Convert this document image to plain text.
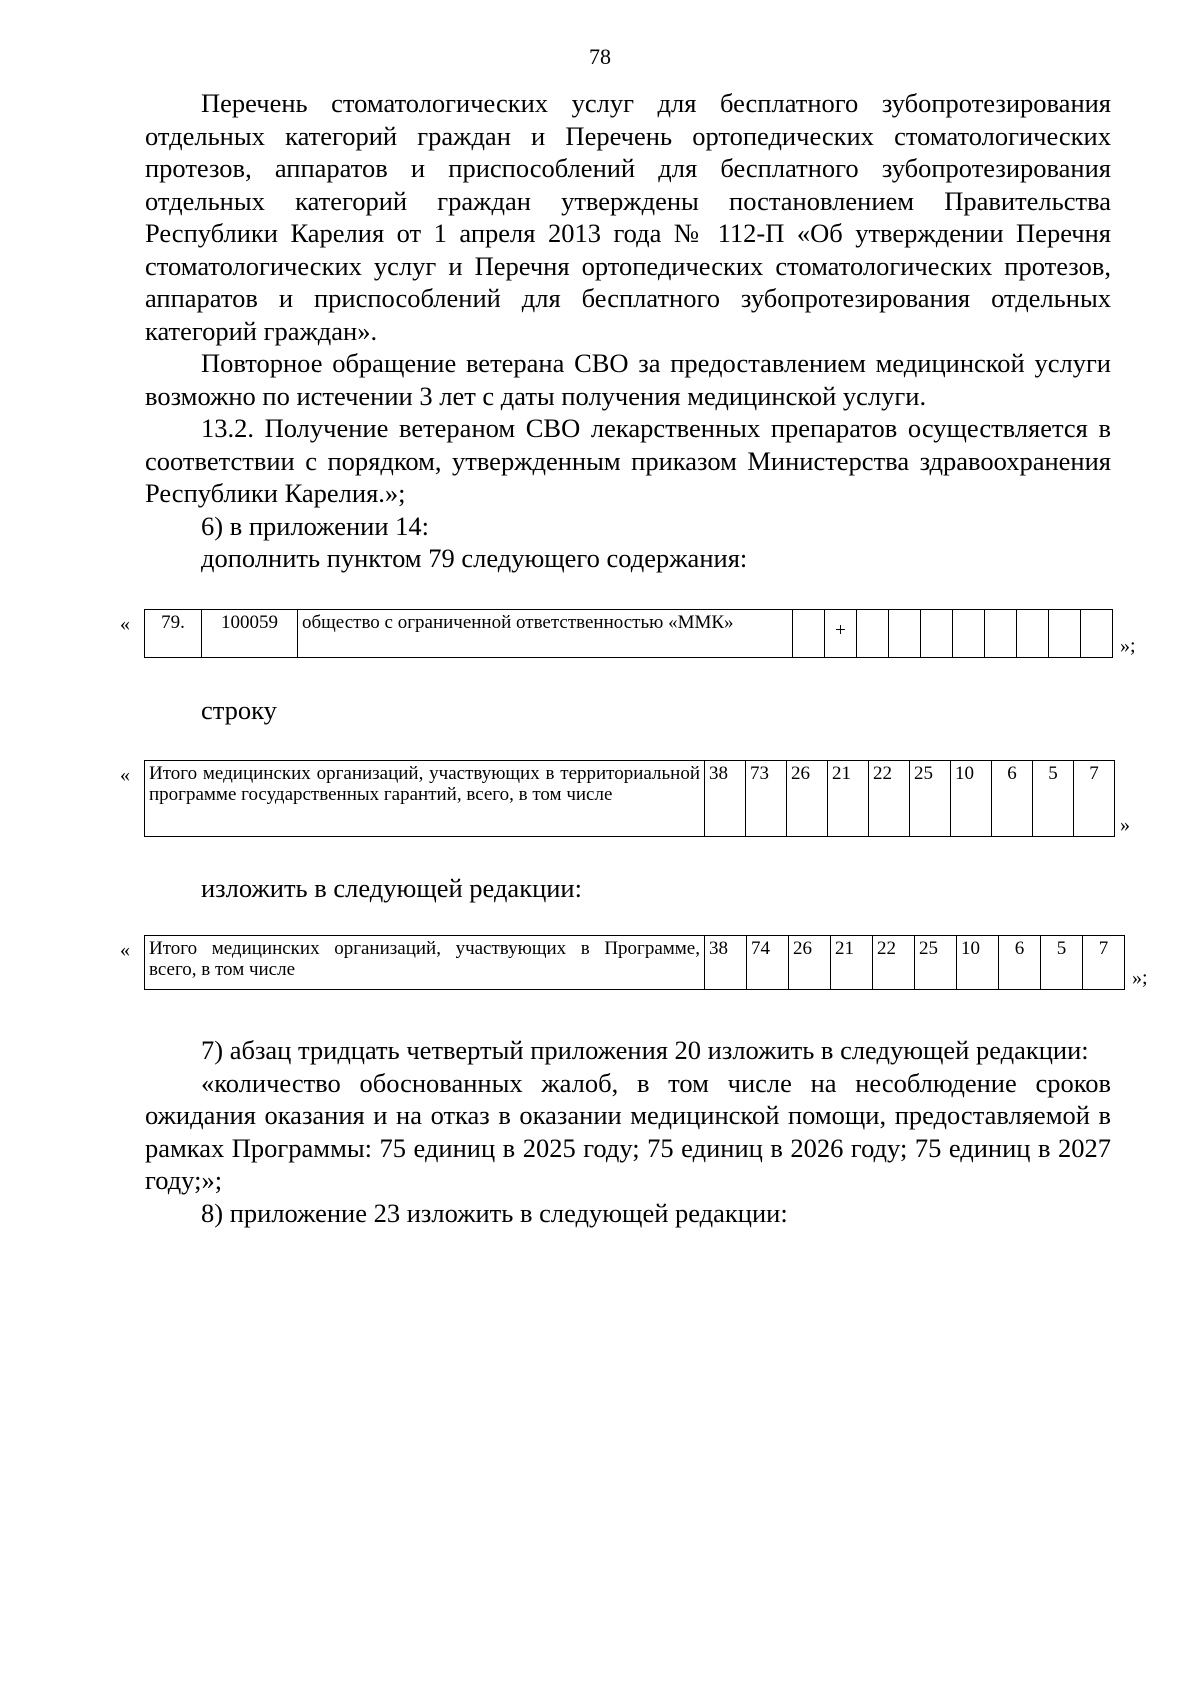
78

Перечень стоматологических услуг для бесплатного зубопротезирования отдельных категорий граждан и Перечень ортопедических стоматологических протезов, аппаратов и приспособлений для бесплатного зубопротезирования отдельных категорий граждан утверждены постановлением Правительства Республики Карелия от 1 апреля 2013 года № 112-П «Об утверждении Перечня стоматологических услуг и Перечня ортопедических стоматологических протезов, аппаратов и приспособлений для бесплатного зубопротезирования отдельных категорий граждан».

Повторное обращение ветерана СВО за предоставлением медицинской услуги возможно по истечении 3 лет с даты получения медицинской услуги.

13.2. Получение ветераном СВО лекарственных препаратов осуществляется в соответствии с порядком, утвержденным приказом Министерства здравоохранения Республики Карелия.»;

6) в приложении 14:

дополнить пунктом 79 следующего содержания:

« 79.	100059	общество с ограниченной ответственностью «ММК»		+								
»;

строку

« Итого медицинских организаций, участвующих в территориальной программе государственных гарантий, всего, в том числе	38	73	26	21	22	25	10	6	5	7
»

изложить в следующей редакции:

« Итого медицинских организаций, участвующих в Программе, всего, в том числе	38	74	26	21	22	25	10	6	5	7
»;

7) абзац тридцать четвертый приложения 20 изложить в следующей редакции:

«количество обоснованных жалоб, в том числе на несоблюдение сроков ожидания оказания и на отказ в оказании медицинской помощи, предоставляемой в рамках Программы: 75 единиц в 2025 году; 75 единиц в 2026 году; 75 единиц в 2027 году;»;

8) приложение 23 изложить в следующей редакции:
